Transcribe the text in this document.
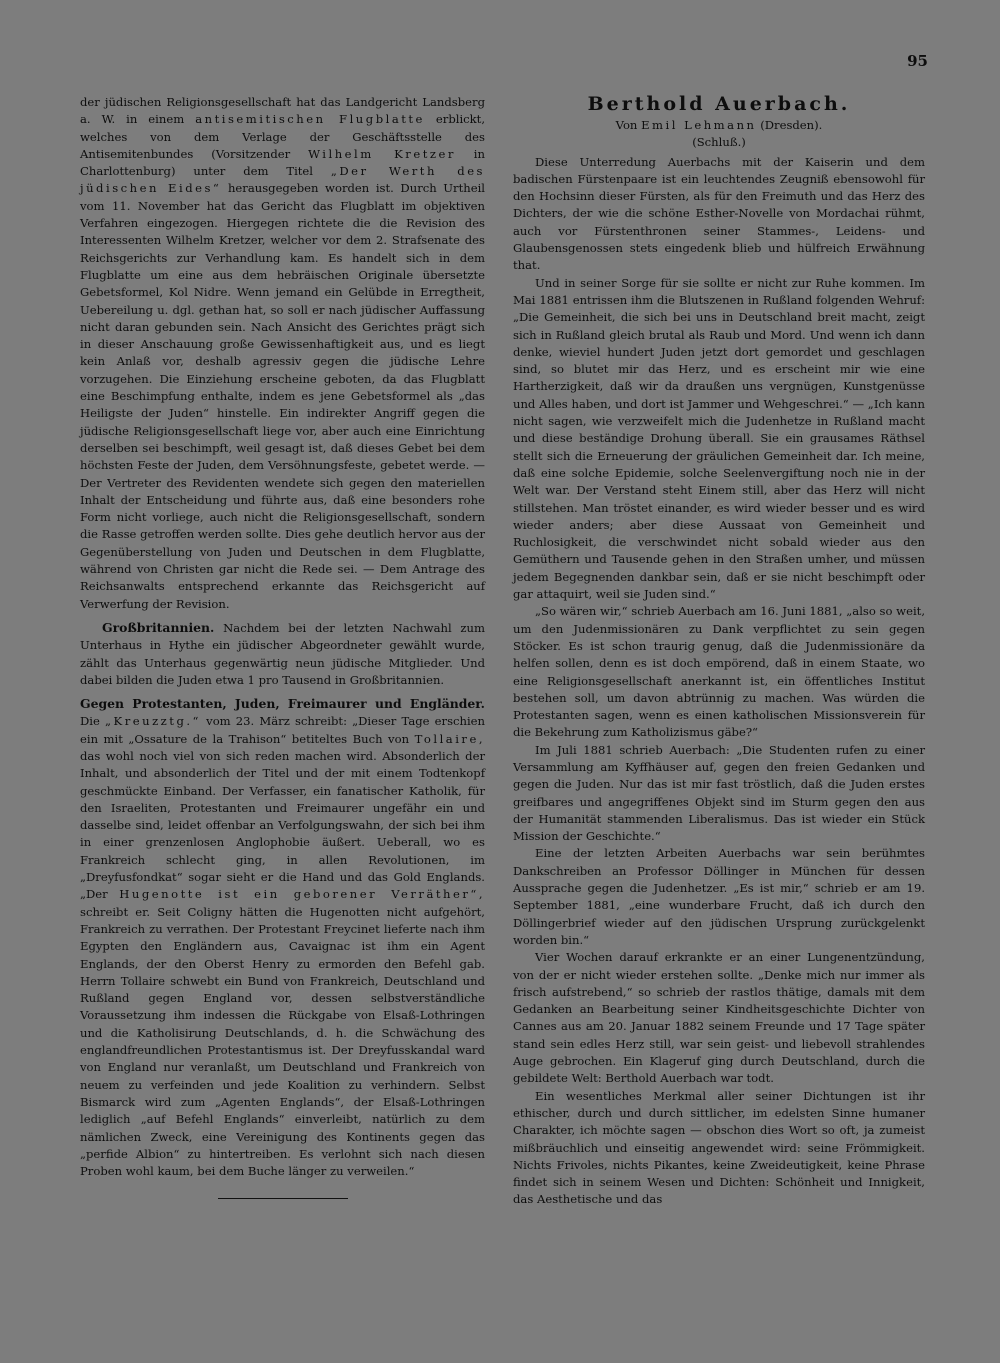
95

der jüdischen Religionsgesellschaft hat das Landgericht Landsberg a. W. in einem antisemitischen Flugblatte erblickt, welches von dem Verlage der Geschäftsstelle des Antisemitenbundes (Vorsitzender Wilhelm Kretzer in Charlottenburg) unter dem Titel „Der Werth des jüdischen Eides“ herausgegeben worden ist. Durch Urtheil vom 11. November hat das Gericht das Flugblatt im objektiven Verfahren eingezogen. Hiergegen richtete die die Revision des Interessenten Wilhelm Kretzer, welcher vor dem 2. Strafsenate des Reichsgerichts zur Verhandlung kam. Es handelt sich in dem Flugblatte um eine aus dem hebräischen Originale übersetzte Gebetsformel, Kol Nidre. Wenn jemand ein Gelübde in Erregtheit, Uebereilung u. dgl. gethan hat, so soll er nach jüdischer Auffassung nicht daran gebunden sein. Nach Ansicht des Gerichtes prägt sich in dieser Anschauung große Gewissenhaftigkeit aus, und es liegt kein Anlaß vor, deshalb agressiv gegen die jüdische Lehre vorzugehen. Die Einziehung erscheine geboten, da das Flugblatt eine Beschimpfung enthalte, indem es jene Gebetsformel als „das Heiligste der Juden“ hinstelle. Ein indirekter Angriff gegen die jüdische Religionsgesellschaft liege vor, aber auch eine Einrichtung derselben sei beschimpft, weil gesagt ist, daß dieses Gebet bei dem höchsten Feste der Juden, dem Versöhnungsfeste, gebetet werde. — Der Vertreter des Revidenten wendete sich gegen den materiellen Inhalt der Entscheidung und führte aus, daß eine besonders rohe Form nicht vorliege, auch nicht die Religionsgesellschaft, sondern die Rasse getroffen werden sollte. Dies gehe deutlich hervor aus der Gegenüberstellung von Juden und Deutschen in dem Flugblatte, während von Christen gar nicht die Rede sei. — Dem Antrage des Reichsanwalts entsprechend erkannte das Reichsgericht auf Verwerfung der Revision.

Großbritannien. Nachdem bei der letzten Nachwahl zum Unterhaus in Hythe ein jüdischer Abgeordneter gewählt wurde, zählt das Unterhaus gegenwärtig neun jüdische Mitglieder. Und dabei bilden die Juden etwa 1 pro Tausend in Großbritannien.

Gegen Protestanten, Juden, Freimaurer und Engländer. Die „Kreuzztg.“ vom 23. März schreibt: „Dieser Tage erschien ein mit „Ossature de la Trahison“ betiteltes Buch von Tollaire, das wohl noch viel von sich reden machen wird. Absonderlich der Inhalt, und absonderlich der Titel und der mit einem Todtenkopf geschmückte Einband. Der Verfasser, ein fanatischer Katholik, für den Israeliten, Protestanten und Freimaurer ungefähr ein und dasselbe sind, leidet offenbar an Verfolgungswahn, der sich bei ihm in einer grenzenlosen Anglophobie äußert. Ueberall, wo es Frankreich schlecht ging, in allen Revolutionen, im „Dreyfusfondkat“ sogar sieht er die Hand und das Gold Englands. „Der Hugenotte ist ein geborener Verräther“, schreibt er. Seit Coligny hätten die Hugenotten nicht aufgehört, Frankreich zu verrathen. Der Protestant Freycinet lieferte nach ihm Egypten den Engländern aus, Cavaignac ist ihm ein Agent Englands, der den Oberst Henry zu ermorden den Befehl gab. Herrn Tollaire schwebt ein Bund von Frankreich, Deutschland und Rußland gegen England vor, dessen selbstverständliche Voraussetzung ihm indessen die Rückgabe von Elsaß-Lothringen und die Katholisirung Deutschlands, d. h. die Schwächung des englandfreundlichen Protestantismus ist. Der Dreyfusskandal ward von England nur veranlaßt, um Deutschland und Frankreich von neuem zu verfeinden und jede Koalition zu verhindern. Selbst Bismarck wird zum „Agenten Englands“, der Elsaß-Lothringen lediglich „auf Befehl Englands“ einverleibt, natürlich zu dem nämlichen Zweck, eine Vereinigung des Kontinents gegen das „perfide Albion“ zu hintertreiben. Es verlohnt sich nach diesen Proben wohl kaum, bei dem Buche länger zu verweilen.“

Berthold Auerbach.
Von Emil Lehmann (Dresden).
(Schluß.)

Diese Unterredung Auerbachs mit der Kaiserin und dem badischen Fürstenpaare ist ein leuchtendes Zeugniß ebensowohl für den Hochsinn dieser Fürsten, als für den Freimuth und das Herz des Dichters, der wie die schöne Esther-Novelle von Mordachai rühmt, auch vor Fürstenthronen seiner Stammes-, Leidens- und Glaubensgenossen stets eingedenk blieb und hülfreich Erwähnung that.

Und in seiner Sorge für sie sollte er nicht zur Ruhe kommen. Im Mai 1881 entrissen ihm die Blutszenen in Rußland folgenden Wehruf: „Die Gemeinheit, die sich bei uns in Deutschland breit macht, zeigt sich in Rußland gleich brutal als Raub und Mord. Und wenn ich dann denke, wieviel hundert Juden jetzt dort gemordet und geschlagen sind, so blutet mir das Herz, und es erscheint mir wie eine Hartherzigkeit, daß wir da draußen uns vergnügen, Kunstgenüsse und Alles haben, und dort ist Jammer und Wehgeschrei.“ — „Ich kann nicht sagen, wie verzweifelt mich die Judenhetze in Rußland macht und diese beständige Drohung überall. Sie ein grausames Räthsel stellt sich die Erneuerung der gräulichen Gemeinheit dar. Ich meine, daß eine solche Epidemie, solche Seelenvergiftung noch nie in der Welt war. Der Verstand steht Einem still, aber das Herz will nicht stillstehen. Man tröstet einander, es wird wieder besser und es wird wieder anders; aber diese Aussaat von Gemeinheit und Ruchlosigkeit, die verschwindet nicht sobald wieder aus den Gemüthern und Tausende gehen in den Straßen umher, und müssen jedem Begegnenden dankbar sein, daß er sie nicht beschimpft oder gar attaquirt, weil sie Juden sind.“

„So wären wir,“ schrieb Auerbach am 16. Juni 1881, „also so weit, um den Judenmissionären zu Dank verpflichtet zu sein gegen Stöcker. Es ist schon traurig genug, daß die Judenmissionäre da helfen sollen, denn es ist doch empörend, daß in einem Staate, wo eine Religionsgesellschaft anerkannt ist, ein öffentliches Institut bestehen soll, um davon abtrünnig zu machen. Was würden die Protestanten sagen, wenn es einen katholischen Missionsverein für die Bekehrung zum Katholizismus gäbe?“

Im Juli 1881 schrieb Auerbach: „Die Studenten rufen zu einer Versammlung am Kyffhäuser auf, gegen den freien Gedanken und gegen die Juden. Nur das ist mir fast tröstlich, daß die Juden erstes greifbares und angegriffenes Objekt sind im Sturm gegen den aus der Humanität stammenden Liberalismus. Das ist wieder ein Stück Mission der Geschichte.“

Eine der letzten Arbeiten Auerbachs war sein berühmtes Dankschreiben an Professor Döllinger in München für dessen Aussprache gegen die Judenhetzer. „Es ist mir,“ schrieb er am 19. September 1881, „eine wunderbare Frucht, daß ich durch den Döllingerbrief wieder auf den jüdischen Ursprung zurückgelenkt worden bin.“

Vier Wochen darauf erkrankte er an einer Lungenentzündung, von der er nicht wieder erstehen sollte. „Denke mich nur immer als frisch aufstrebend,“ so schrieb der rastlos thätige, damals mit dem Gedanken an Bearbeitung seiner Kindheitsgeschichte Dichter von Cannes aus am 20. Januar 1882 seinem Freunde und 17 Tage später stand sein edles Herz still, war sein geist- und liebevoll strahlendes Auge gebrochen. Ein Klageruf ging durch Deutschland, durch die gebildete Welt: Berthold Auerbach war todt.

Ein wesentliches Merkmal aller seiner Dichtungen ist ihr ethischer, durch und durch sittlicher, im edelsten Sinne humaner Charakter, ich möchte sagen — obschon dies Wort so oft, ja zumeist mißbräuchlich und einseitig angewendet wird: seine Frömmigkeit. Nichts Frivoles, nichts Pikantes, keine Zweideutigkeit, keine Phrase findet sich in seinem Wesen und Dichten: Schönheit und Innigkeit, das Aesthetische und das
